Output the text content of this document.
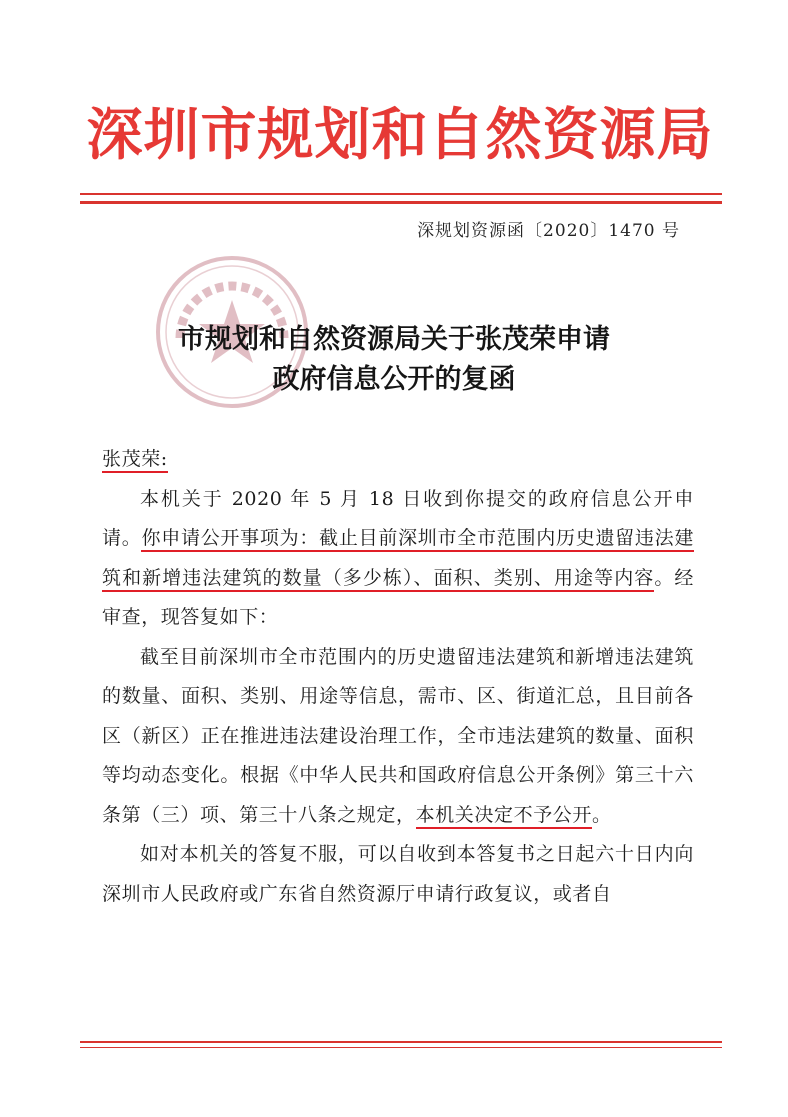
深圳市规划和自然资源局
深规划资源函〔2020〕1470 号
市规划和自然资源局关于张茂荣申请
政府信息公开的复函

张茂荣:

本机关于 2020 年 5 月 18 日收到你提交的政府信息公开申请。你申请公开事项为：截止目前深圳市全市范围内历史遗留违法建筑和新增违法建筑的数量（多少栋）、面积、类别、用途等内容。经审查，现答复如下：

截至目前深圳市全市范围内的历史遗留违法建筑和新增违法建筑的数量、面积、类别、用途等信息，需市、区、街道汇总，且目前各区（新区）正在推进违法建设治理工作，全市违法建筑的数量、面积等均动态变化。根据《中华人民共和国政府信息公开条例》第三十六条第（三）项、第三十八条之规定，本机关决定不予公开。

如对本机关的答复不服，可以自收到本答复书之日起六十日内向深圳市人民政府或广东省自然资源厅申请行政复议，或者自
